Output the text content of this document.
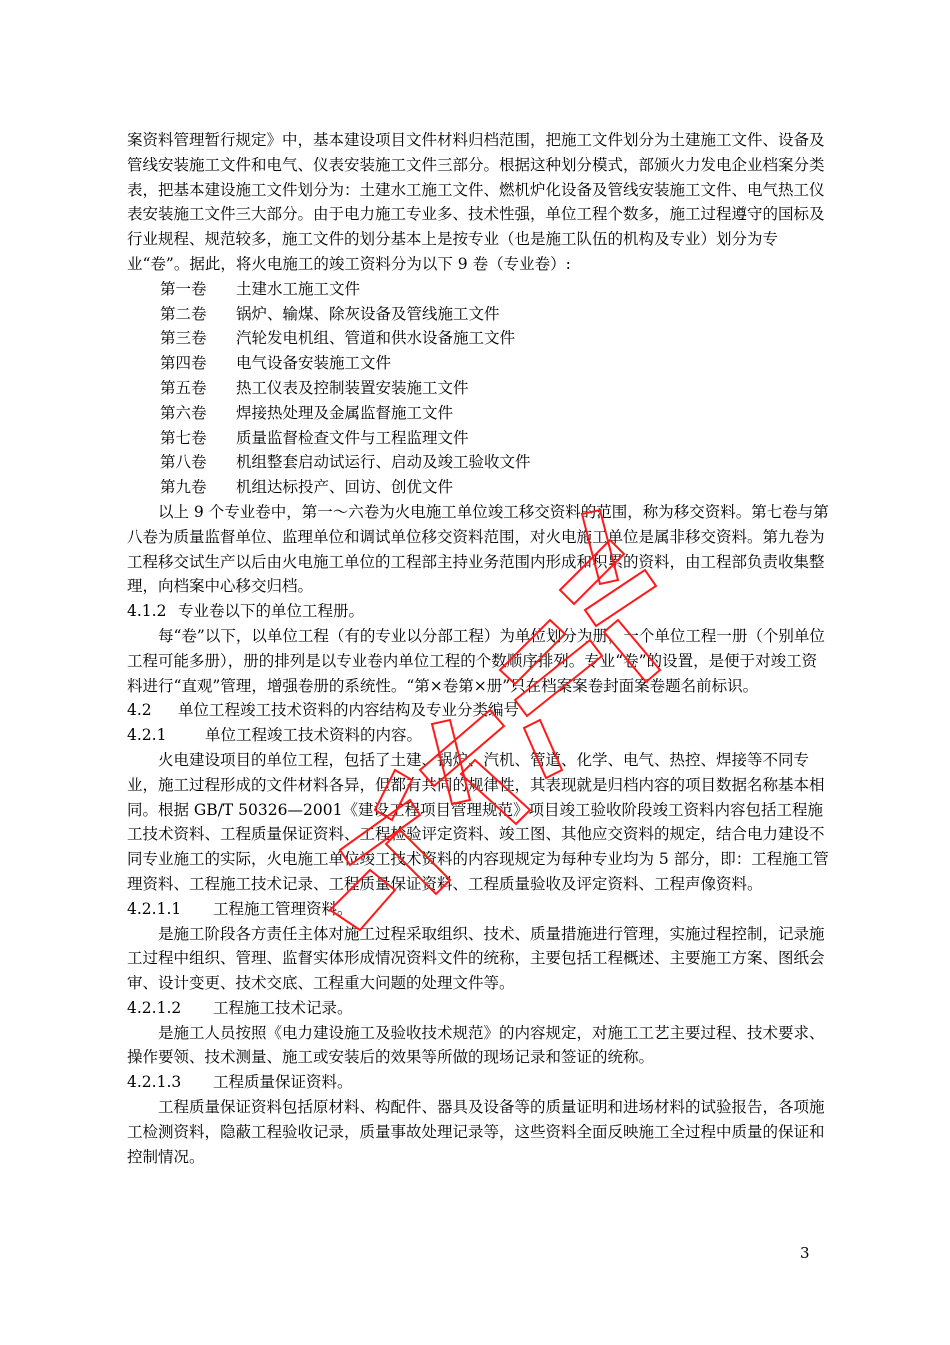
案资料管理暂行规定》中，基本建设项目文件材料归档范围，把施工文件划分为土建施工文件、设备及管线安装施工文件和电气、仪表安装施工文件三部分。根据这种划分模式，部颁火力发电企业档案分类表，把基本建设施工文件划分为：土建水工施工文件、燃机炉化设备及管线安装施工文件、电气热工仪表安装施工文件三大部分。由于电力施工专业多、技术性强，单位工程个数多，施工过程遵守的国标及行业规程、规范较多，施工文件的划分基本上是按专业（也是施工队伍的机构及专业）划分为专业“卷”。据此，将火电施工的竣工资料分为以下 9 卷（专业卷）:

第一卷 土建水工施工文件

第二卷 锅炉、输煤、除灰设备及管线施工文件

第三卷 汽轮发电机组、管道和供水设备施工文件

第四卷 电气设备安装施工文件

第五卷 热工仪表及控制装置安装施工文件

第六卷 焊接热处理及金属监督施工文件

第七卷 质量监督检查文件与工程监理文件

第八卷 机组整套启动试运行、启动及竣工验收文件

第九卷 机组达标投产、回访、创优文件

以上 9 个专业卷中，第一～六卷为火电施工单位竣工移交资料的范围，称为移交资料。第七卷与第八卷为质量监督单位、监理单位和调试单位移交资料范围，对火电施工单位是属非移交资料。第九卷为工程移交试生产以后由火电施工单位的工程部主持业务范围内形成和积累的资料，由工程部负责收集整理，向档案中心移交归档。

4.1.2 专业卷以下的单位工程册。

每“卷”以下，以单位工程（有的专业以分部工程）为单位划分为册，一个单位工程一册（个别单位工程可能多册），册的排列是以专业卷内单位工程的个数顺序排列。专业“卷”的设置，是便于对竣工资料进行“直观”管理，增强卷册的系统性。“第×卷第×册”只在档案案卷封面案卷题名前标识。

4.2 单位工程竣工技术资料的内容结构及专业分类编号

4.2.1 单位工程竣工技术资料的内容。

火电建设项目的单位工程，包括了土建、锅炉、汽机、管道、化学、电气、热控、焊接等不同专业，施工过程形成的文件材料各异，但都有共同的规律性，其表现就是归档内容的项目数据名称基本相同。根据 GB/T 50326—2001《建设工程项目管理规范》项目竣工验收阶段竣工资料内容包括工程施工技术资料、工程质量保证资料、工程检验评定资料、竣工图、其他应交资料的规定，结合电力建设不同专业施工的实际，火电施工单位竣工技术资料的内容现规定为每种专业均为 5 部分，即：工程施工管理资料、工程施工技术记录、工程质量保证资料、工程质量验收及评定资料、工程声像资料。

4.2.1.1 工程施工管理资料。

是施工阶段各方责任主体对施工过程采取组织、技术、质量措施进行管理，实施过程控制，记录施工过程中组织、管理、监督实体形成情况资料文件的统称，主要包括工程概述、主要施工方案、图纸会审、设计变更、技术交底、工程重大问题的处理文件等。

4.2.1.2 工程施工技术记录。

是施工人员按照《电力建设施工及验收技术规范》的内容规定，对施工工艺主要过程、技术要求、操作要领、技术测量、施工或安装后的效果等所做的现场记录和签证的统称。

4.2.1.3 工程质量保证资料。

工程质量保证资料包括原材料、构配件、器具及设备等的质量证明和进场材料的试验报告，各项施工检测资料，隐蔽工程验收记录，质量事故处理记录等，这些资料全面反映施工全过程中质量的保证和控制情况。

3
